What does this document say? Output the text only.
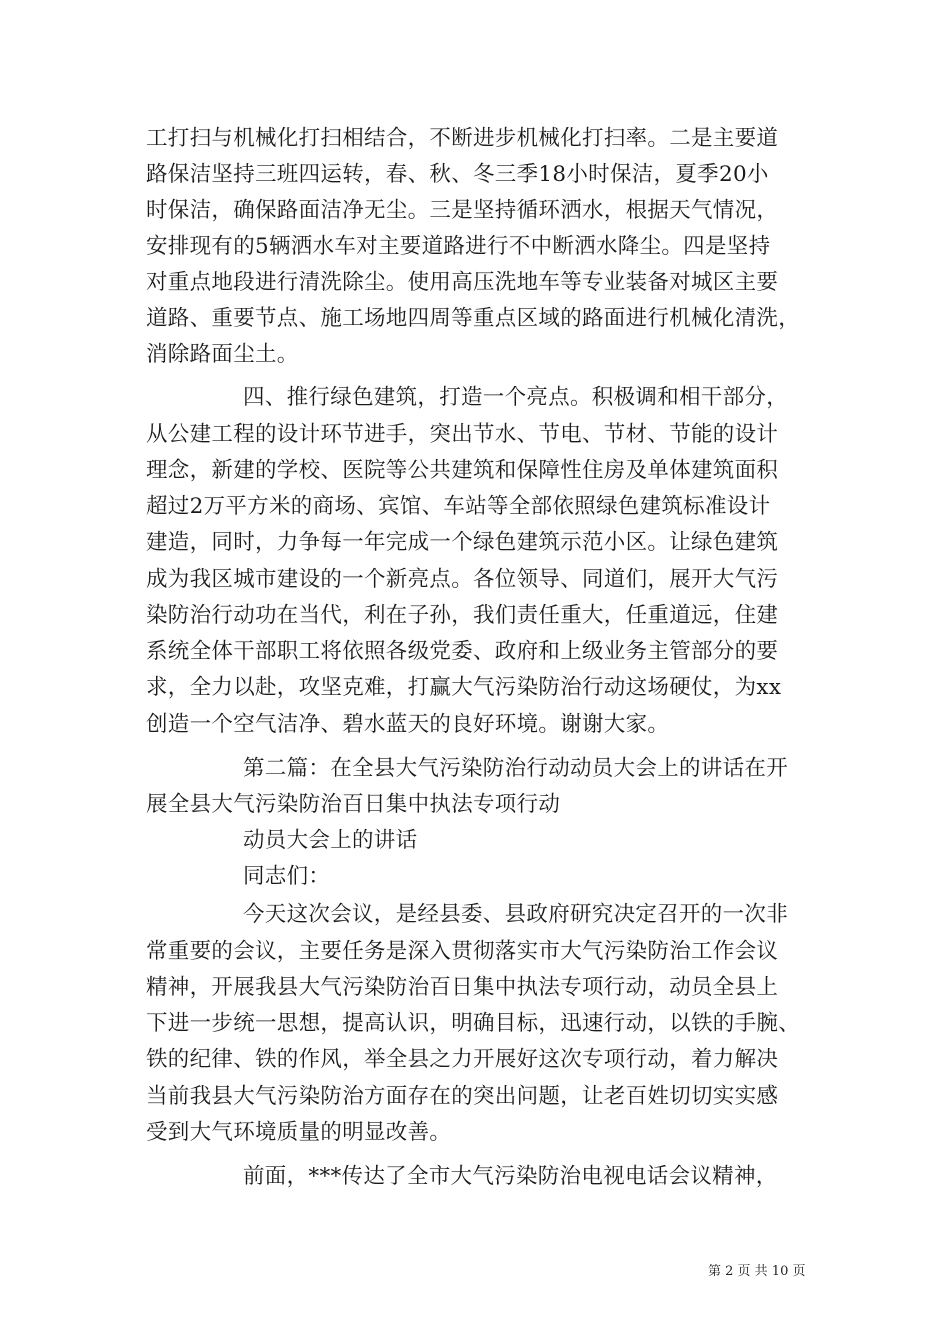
工打扫与机械化打扫相结合，不断进步机械化打扫率。二是主要道
路保洁坚持三班四运转，春、秋、冬三季18小时保洁，夏季20小
时保洁，确保路面洁净无尘。三是坚持循环洒水，根据天气情况，
安排现有的5辆洒水车对主要道路进行不中断洒水降尘。四是坚持
对重点地段进行清洗除尘。使用高压洗地车等专业装备对城区主要
道路、重要节点、施工场地四周等重点区域的路面进行机械化清洗，
消除路面尘土。
四、推行绿色建筑，打造一个亮点。积极调和相干部分，
从公建工程的设计环节进手，突出节水、节电、节材、节能的设计
理念，新建的学校、医院等公共建筑和保障性住房及单体建筑面积
超过2万平方米的商场、宾馆、车站等全部依照绿色建筑标准设计
建造，同时，力争每一年完成一个绿色建筑示范小区。让绿色建筑
成为我区城市建设的一个新亮点。各位领导、同道们，展开大气污
染防治行动功在当代，利在子孙，我们责任重大，任重道远，住建
系统全体干部职工将依照各级党委、政府和上级业务主管部分的要
求，全力以赴，攻坚克难，打赢大气污染防治行动这场硬仗，为xx
创造一个空气洁净、碧水蓝天的良好环境。谢谢大家。
第二篇：在全县大气污染防治行动动员大会上的讲话在开
展全县大气污染防治百日集中执法专项行动
动员大会上的讲话
同志们：
今天这次会议，是经县委、县政府研究决定召开的一次非
常重要的会议，主要任务是深入贯彻落实市大气污染防治工作会议
精神，开展我县大气污染防治百日集中执法专项行动，动员全县上
下进一步统一思想，提高认识，明确目标，迅速行动，以铁的手腕、
铁的纪律、铁的作风，举全县之力开展好这次专项行动，着力解决
当前我县大气污染防治方面存在的突出问题，让老百姓切切实实感
受到大气环境质量的明显改善。
前面，***传达了全市大气污染防治电视电话会议精神，
第 2 页 共 10 页
